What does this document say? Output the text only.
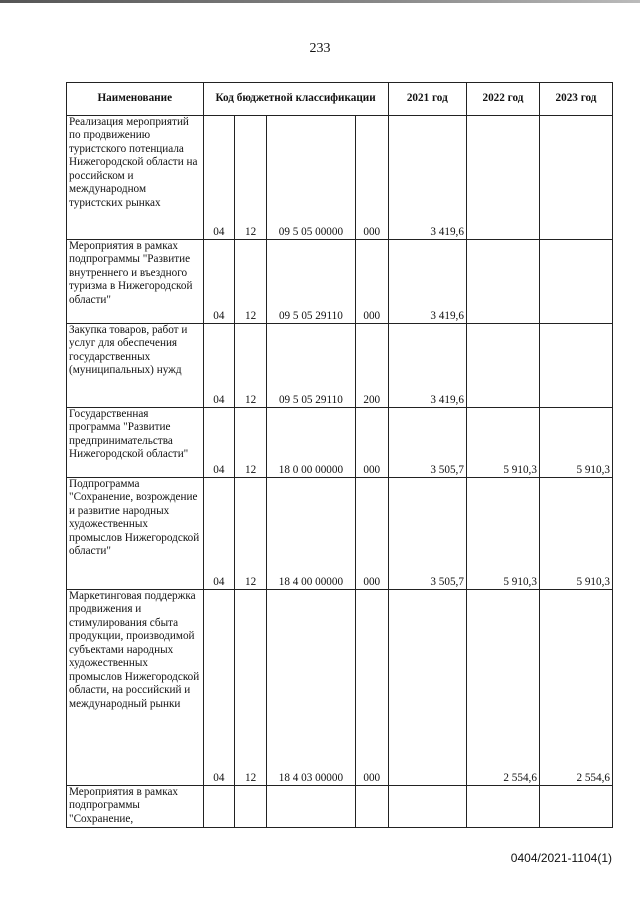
233
Наименование	Код бюджетной классификации				2021 год	2022 год	2023 год
Реализация мероприятий по продвижению туристского потенциала Нижегородской области на российском и международном туристских рынках	04	12	09 5 05 00000	000	3 419,6		
Мероприятия в рамках подпрограммы "Развитие внутреннего и въездного туризма в Нижегородской области"	04	12	09 5 05 29110	000	3 419,6		
Закупка товаров, работ и услуг для обеспечения государственных (муниципальных) нужд	04	12	09 5 05 29110	200	3 419,6		
Государственная программа "Развитие предпринимательства Нижегородской области"	04	12	18 0 00 00000	000	3 505,7	5 910,3	5 910,3
Подпрограмма "Сохранение, возрождение и развитие народных художественных промыслов Нижегородской области"	04	12	18 4 00 00000	000	3 505,7	5 910,3	5 910,3
Маркетинговая поддержка продвижения и стимулирования сбыта продукции, производимой субъектами народных художественных промыслов Нижегородской области, на российский и международный рынки	04	12	18 4 03 00000	000		2 554,6	2 554,6
Мероприятия в рамках подпрограммы "Сохранение,							
0404/2021-1104(1)
